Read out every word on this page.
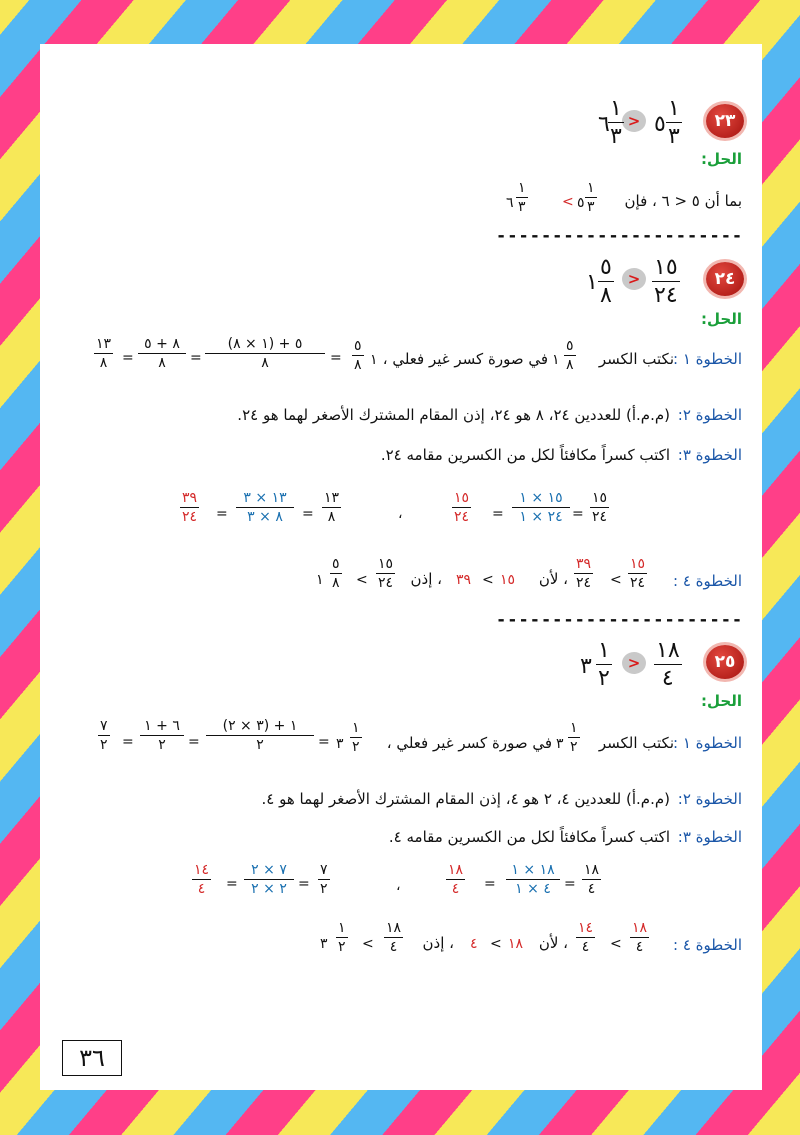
٢٣
٥
١
٣
>
٦
١
٣
الحل:
بما أن ٥ < ٦ ، فإن
٥
١
٣
<
٦
١
٣
----------------------
٢٤
١٥
٢٤
>
١
٥
٨
الحل:
الخطوة ١ :
نكتب الكسر
٥
٨
١
في صورة كسر غير فعلي ،
١
٥
٨
=
(١ × ٨) + ٥
٨
=
٨ + ٥
٨
=
١٣
٨
الخطوة ٢:
(م.م.أ) للعددين ٢٤، ٨ هو ٢٤، إذن المقام المشترك الأصغر لهما هو ٢٤.
الخطوة ٣:
اكتب كسراً مكافئاً لكل من الكسرين مقامه ٢٤.
١٥
٢٤
=
١٥ × ١
٢٤ × ١
=
١٥
٢٤
،
١٣
٨
=
١٣ × ٣
٨ × ٣
=
٣٩
٢٤
الخطوة ٤ :
١٥
٢٤
<
٣٩
٢٤
، لأن
١٥
<
٣٩
، إذن
١٥
٢٤
<
٥
٨
١
----------------------
٢٥
١٨
٤
>
٣
١
٢
الحل:
الخطوة ١ :
نكتب الكسر
١
٢
٣
في صورة كسر غير فعلي ،
١
٢
٣
=
(٣ × ٢) + ١
٢
=
٦ + ١
٢
=
٧
٢
الخطوة ٢:
(م.م.أ) للعددين ٤، ٢ هو ٤، إذن المقام المشترك الأصغر لهما هو ٤.
الخطوة ٣:
اكتب كسراً مكافئاً لكل من الكسرين مقامه ٤.
١٨
٤
=
١٨ × ١
٤ × ١
=
١٨
٤
،
٧
٢
=
٧ × ٢
٢ × ٢
=
١٤
٤
الخطوة ٤ :
١٨
٤
<
١٤
٤
، لأن
١٨
<
٤
، إذن
١٨
٤
<
١
٢
٣
٣٦
